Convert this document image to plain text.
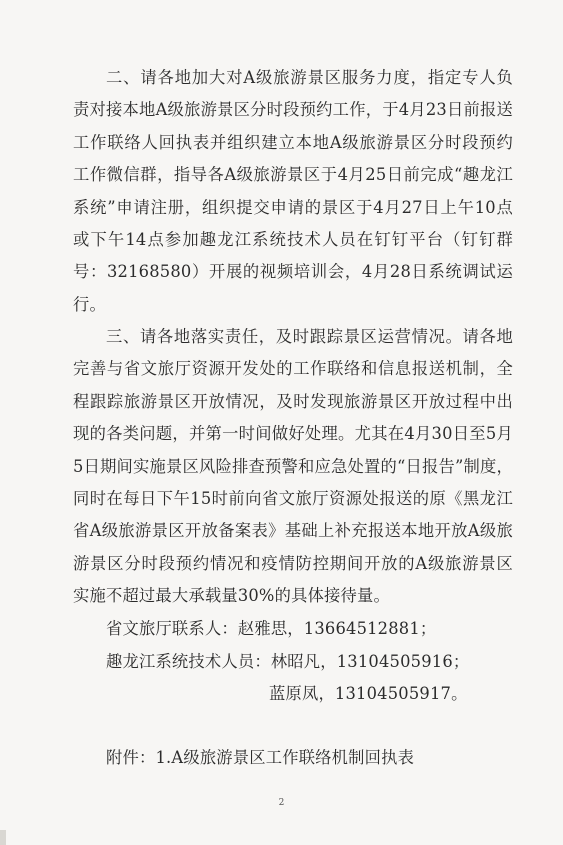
二、请各地加大对A级旅游景区服务力度，指定专人负责对接本地A级旅游景区分时段预约工作，于4月23日前报送工作联络人回执表并组织建立本地A级旅游景区分时段预约工作微信群，指导各A级旅游景区于4月25日前完成“趣龙江系统”申请注册，组织提交申请的景区于4月27日上午10点或下午14点参加趣龙江系统技术人员在钉钉平台（钉钉群号：32168580）开展的视频培训会，4月28日系统调试运行。

三、请各地落实责任，及时跟踪景区运营情况。请各地完善与省文旅厅资源开发处的工作联络和信息报送机制，全程跟踪旅游景区开放情况，及时发现旅游景区开放过程中出现的各类问题，并第一时间做好处理。尤其在4月30日至5月5日期间实施景区风险排查预警和应急处置的“日报告”制度，同时在每日下午15时前向省文旅厅资源处报送的原《黑龙江省A级旅游景区开放备案表》基础上补充报送本地开放A级旅游景区分时段预约情况和疫情防控期间开放的A级旅游景区实施不超过最大承载量30%的具体接待量。

省文旅厅联系人：赵雅思，13664512881；

趣龙江系统技术人员：林昭凡，13104505916；

蓝原凤，13104505917。

附件：1.A级旅游景区工作联络机制回执表

2
